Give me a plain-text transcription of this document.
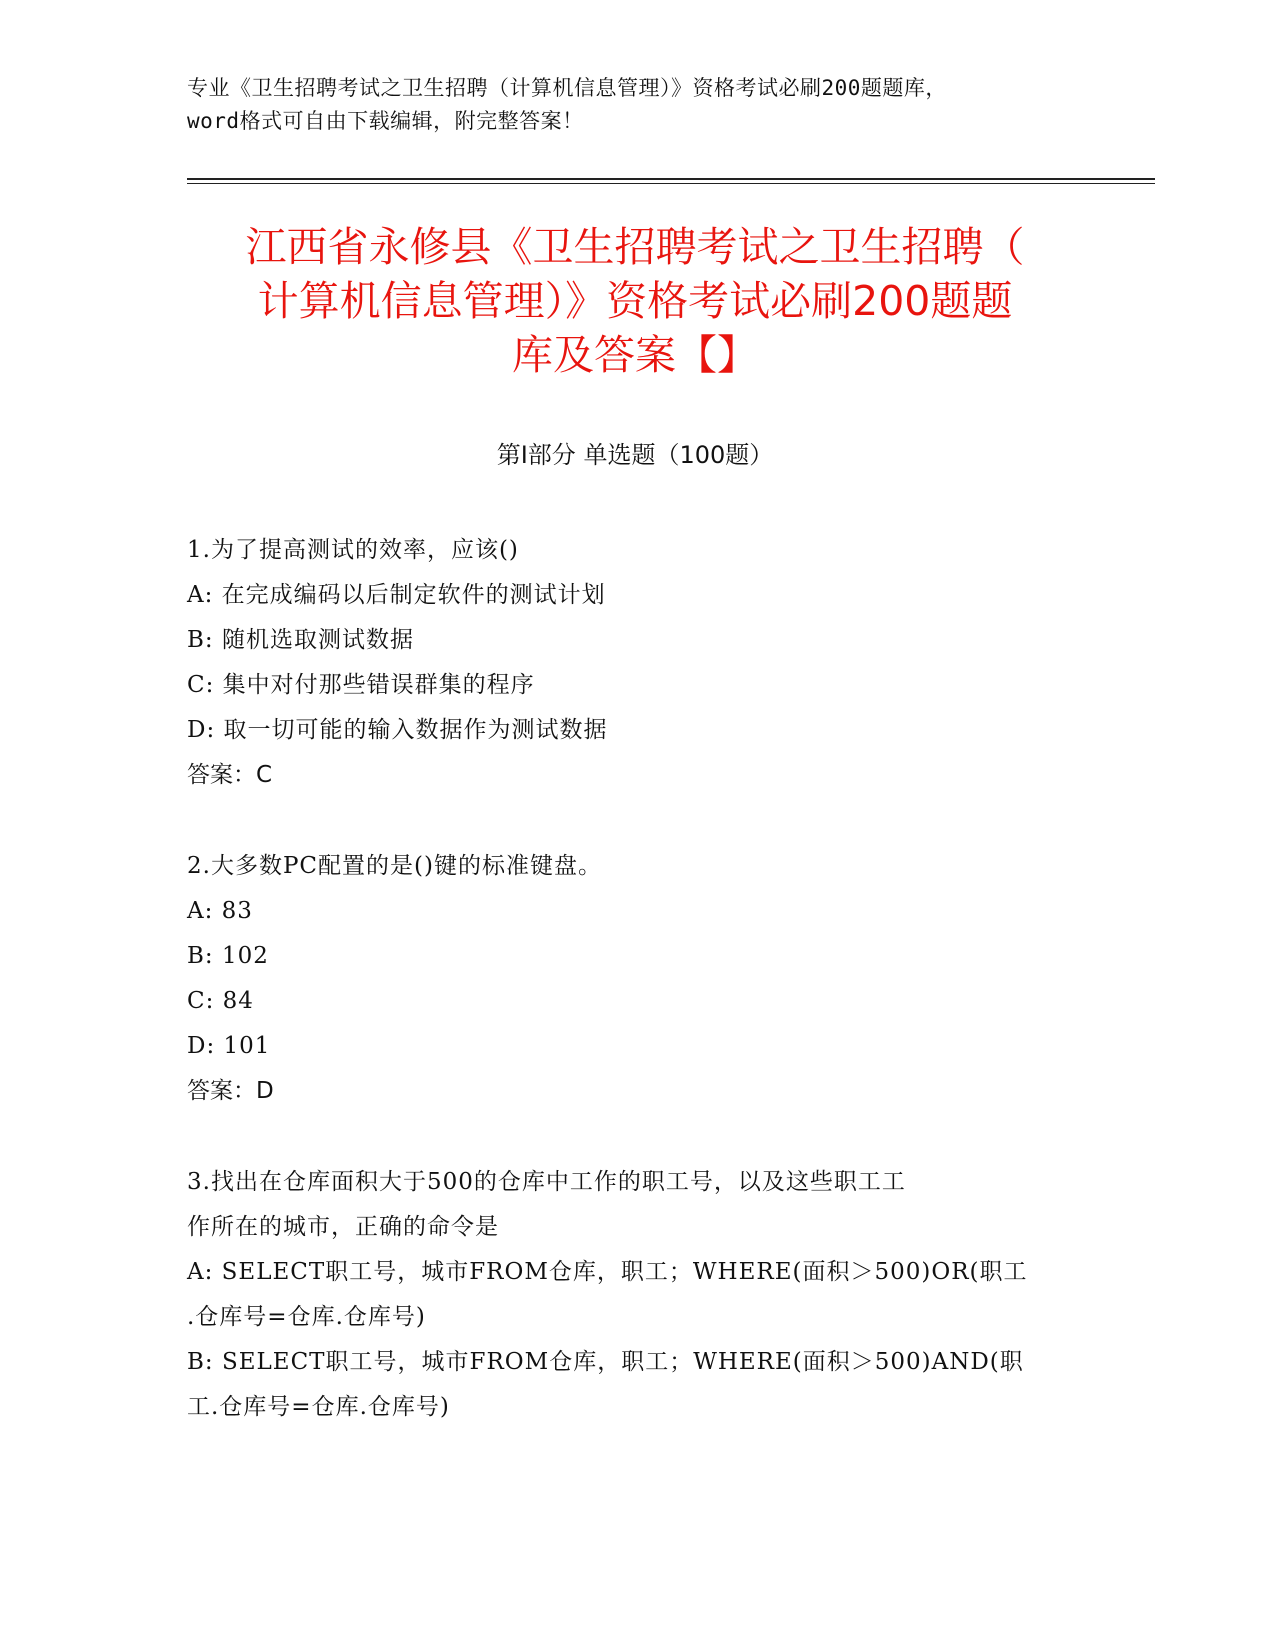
专业《卫生招聘考试之卫生招聘（计算机信息管理）》资格考试必刷200题题库，
word格式可自由下载编辑，附完整答案！
江西省永修县《卫生招聘考试之卫生招聘（
计算机信息管理）》资格考试必刷200题题
库及答案【】
第Ⅰ部分 单选题（100题）
1.为了提高测试的效率，应该()
A: 在完成编码以后制定软件的测试计划
B: 随机选取测试数据
C: 集中对付那些错误群集的程序
D: 取一切可能的输入数据作为测试数据
答案：C
2.大多数PC配置的是()键的标准键盘。
A: 83
B: 102
C: 84
D: 101
答案：D
3.找出在仓库面积大于500的仓库中工作的职工号，以及这些职工工
作所在的城市，正确的命令是
A: SELECT职工号，城市FROM仓库，职工；WHERE(面积＞500)OR(职工
.仓库号=仓库.仓库号)
B: SELECT职工号，城市FROM仓库，职工；WHERE(面积＞500)AND(职
工.仓库号=仓库.仓库号)
